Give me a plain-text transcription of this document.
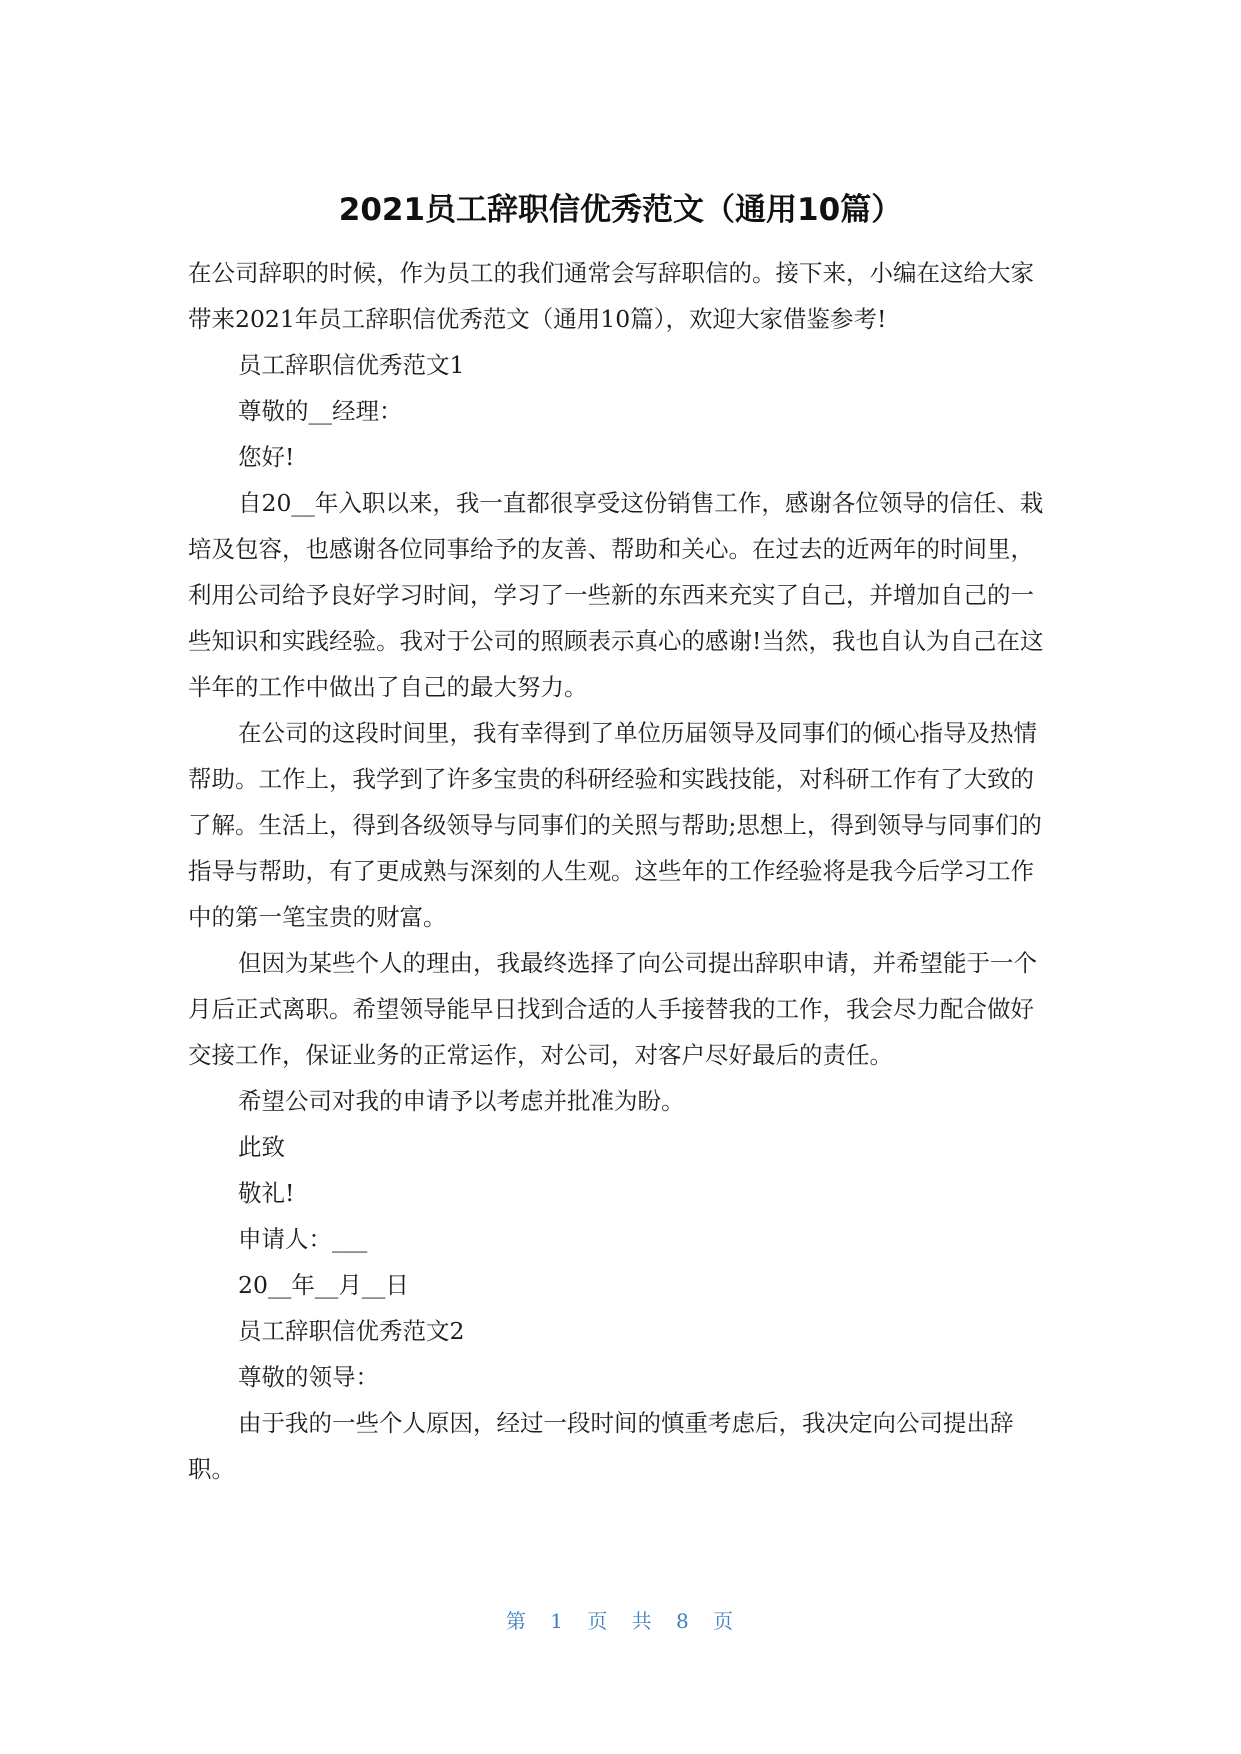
2021员工辞职信优秀范文（通用10篇）

在公司辞职的时候，作为员工的我们通常会写辞职信的。接下来，小编在这给大家带来2021年员工辞职信优秀范文（通用10篇），欢迎大家借鉴参考!

员工辞职信优秀范文1

尊敬的__经理：

您好!

自20__年入职以来，我一直都很享受这份销售工作，感谢各位领导的信任、栽培及包容，也感谢各位同事给予的友善、帮助和关心。在过去的近两年的时间里，利用公司给予良好学习时间，学习了一些新的东西来充实了自己，并增加自己的一些知识和实践经验。我对于公司的照顾表示真心的感谢!当然，我也自认为自己在这半年的工作中做出了自己的最大努力。

在公司的这段时间里，我有幸得到了单位历届领导及同事们的倾心指导及热情帮助。工作上，我学到了许多宝贵的科研经验和实践技能，对科研工作有了大致的了解。生活上，得到各级领导与同事们的关照与帮助;思想上，得到领导与同事们的指导与帮助，有了更成熟与深刻的人生观。这些年的工作经验将是我今后学习工作中的第一笔宝贵的财富。

但因为某些个人的理由，我最终选择了向公司提出辞职申请，并希望能于一个月后正式离职。希望领导能早日找到合适的人手接替我的工作，我会尽力配合做好交接工作，保证业务的正常运作，对公司，对客户尽好最后的责任。

希望公司对我的申请予以考虑并批准为盼。

此致

敬礼!

申请人：___

20__年__月__日

员工辞职信优秀范文2

尊敬的领导：

由于我的一些个人原因，经过一段时间的慎重考虑后，我决定向公司提出辞职。

第 1 页 共 8 页
